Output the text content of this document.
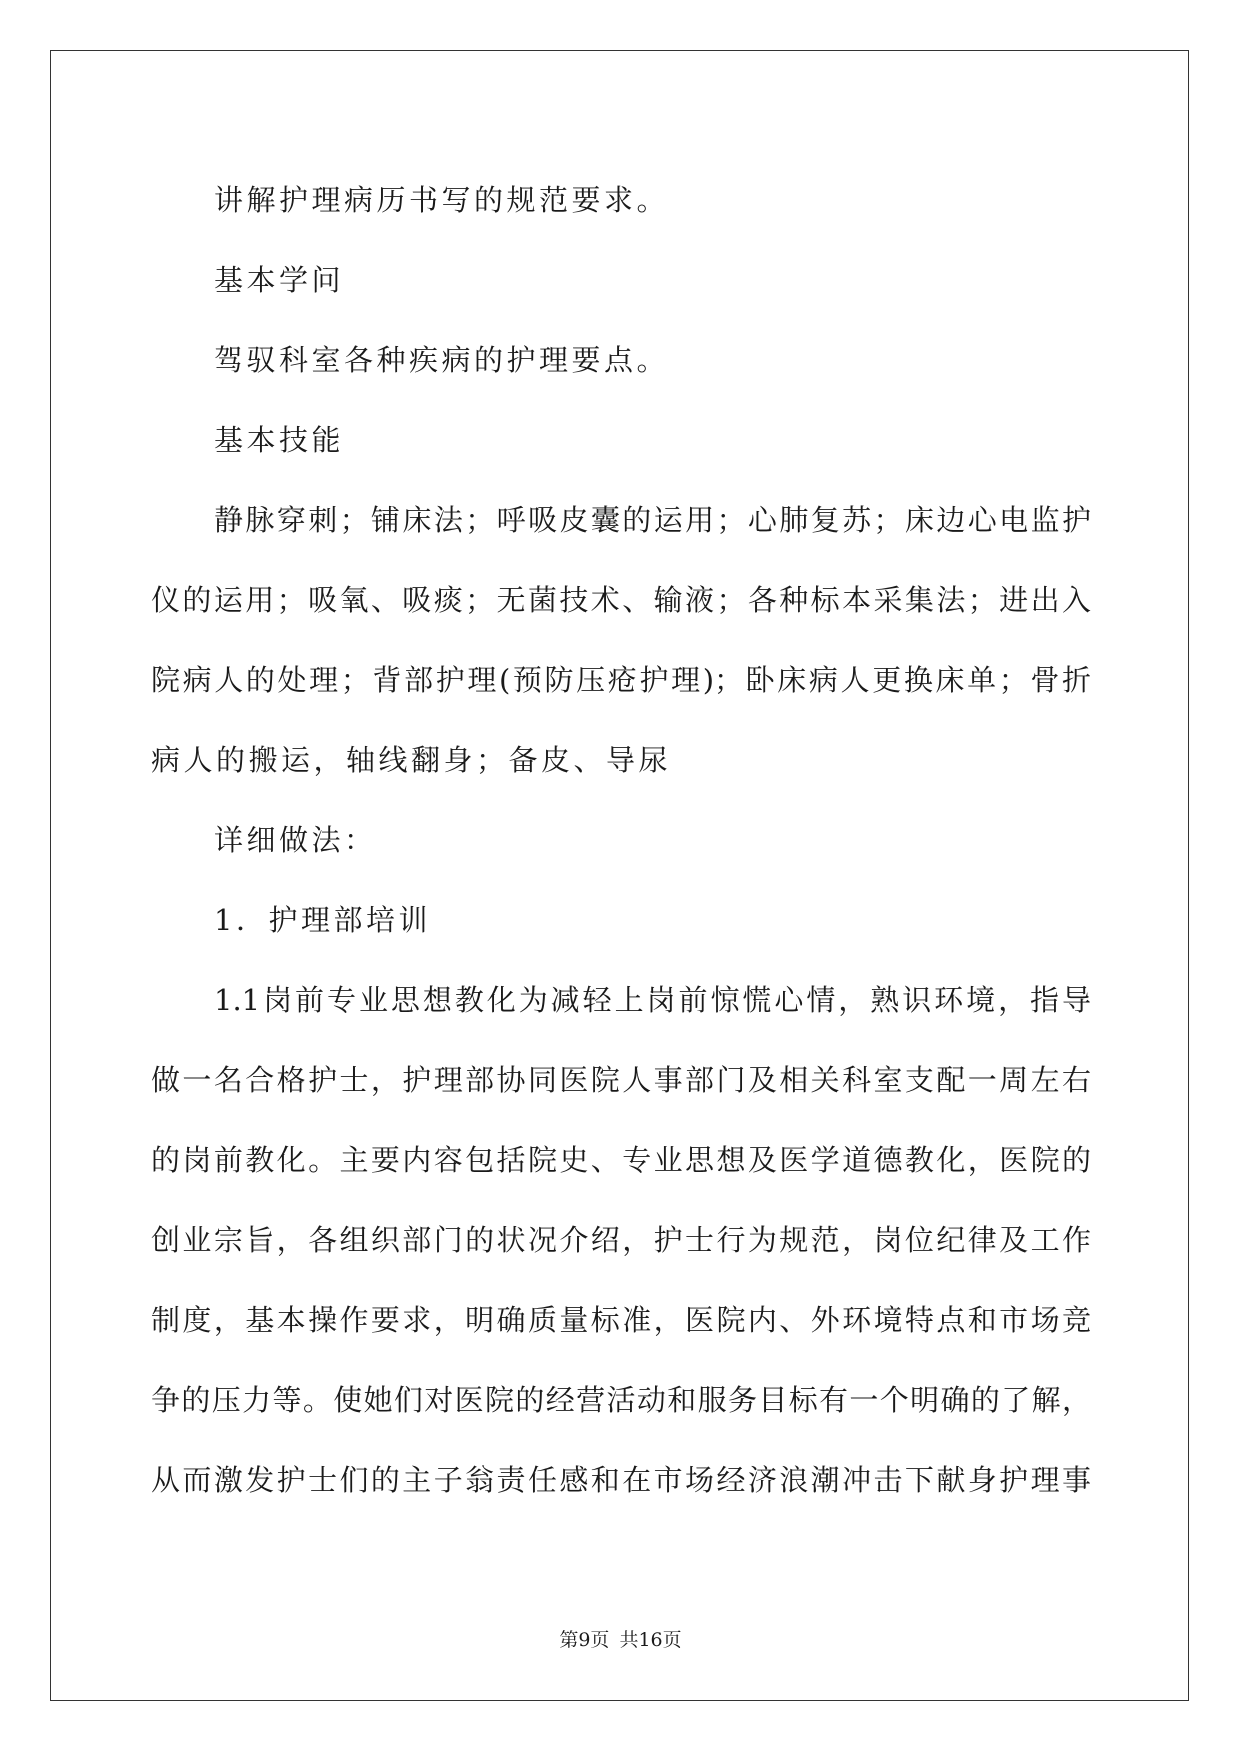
讲解护理病历书写的规范要求。
基本学问
驾驭科室各种疾病的护理要点。
基本技能
静脉穿刺；铺床法；呼吸皮囊的运用；心肺复苏；床边心电监护
仪的运用；吸氧、吸痰；无菌技术、输液；各种标本采集法；进出入
院病人的处理；背部护理(预防压疮护理)；卧床病人更换床单；骨折
病人的搬运，轴线翻身；备皮、导尿
详细做法：
1．护理部培训
1.1岗前专业思想教化为减轻上岗前惊慌心情，熟识环境，指导
做一名合格护士，护理部协同医院人事部门及相关科室支配一周左右
的岗前教化。主要内容包括院史、专业思想及医学道德教化，医院的
创业宗旨，各组织部门的状况介绍，护士行为规范，岗位纪律及工作
制度，基本操作要求，明确质量标准，医院内、外环境特点和市场竞
争的压力等。使她们对医院的经营活动和服务目标有一个明确的了解，
从而激发护士们的主子翁责任感和在市场经济浪潮冲击下献身护理事
第9页 共16页
